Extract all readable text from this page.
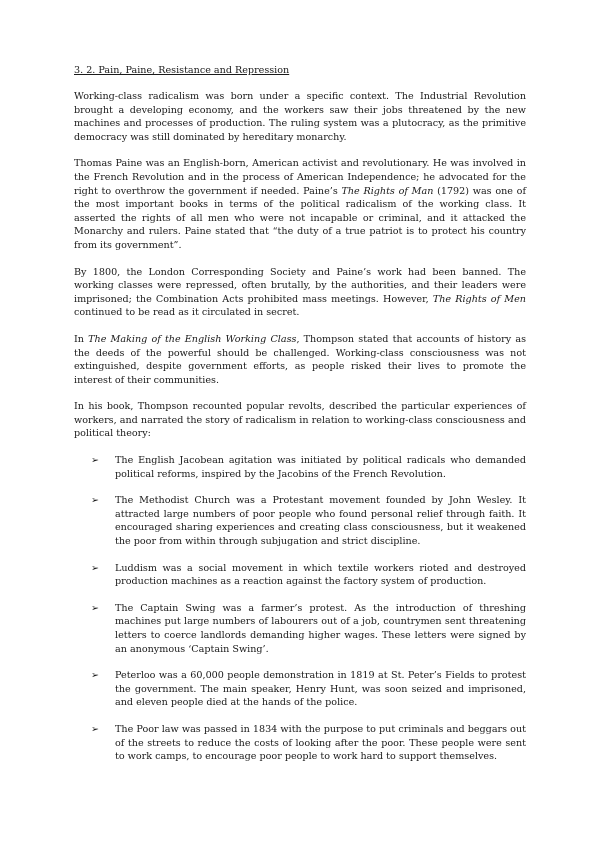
3. 2. Pain, Paine, Resistance and Repression

Working-class radicalism was born under a specific context. The Industrial Revolution brought a developing economy, and the workers saw their jobs threatened by the new machines and processes of production. The ruling system was a plutocracy, as the primitive democracy was still dominated by hereditary monarchy.

Thomas Paine was an English-born, American activist and revolutionary. He was involved in the French Revolution and in the process of American Independence; he advocated for the right to overthrow the government if needed. Paine’s The Rights of Man (1792) was one of the most important books in terms of the political radicalism of the working class. It asserted the rights of all men who were not incapable or criminal, and it attacked the Monarchy and rulers. Paine stated that “the duty of a true patriot is to protect his country from its government”.

By 1800, the London Corresponding Society and Paine’s work had been banned. The working classes were repressed, often brutally, by the authorities, and their leaders were imprisoned; the Combination Acts prohibited mass meetings. However, The Rights of Men continued to be read as it circulated in secret.

In The Making of the English Working Class, Thompson stated that accounts of history as the deeds of the powerful should be challenged. Working-class consciousness was not extinguished, despite government efforts, as people risked their lives to promote the interest of their communities.

In his book, Thompson recounted popular revolts, described the particular experiences of workers, and narrated the story of radicalism in relation to working-class consciousness and political theory:

➢	The English Jacobean agitation was initiated by political radicals who demanded political reforms, inspired by the Jacobins of the French Revolution.
➢	The Methodist Church was a Protestant movement founded by John Wesley. It attracted large numbers of poor people who found personal relief through faith. It encouraged sharing experiences and creating class consciousness, but it weakened the poor from within through subjugation and strict discipline.
➢	Luddism was a social movement in which textile workers rioted and destroyed production machines as a reaction against the factory system of production.
➢	The Captain Swing was a farmer’s protest. As the introduction of threshing machines put large numbers of labourers out of a job, countrymen sent threatening letters to coerce landlords demanding higher wages. These letters were signed by an anonymous ‘Captain Swing’.
➢	Peterloo was a 60,000 people demonstration in 1819 at St. Peter’s Fields to protest the government. The main speaker, Henry Hunt, was soon seized and imprisoned, and eleven people died at the hands of the police.
➢	The Poor law was passed in 1834 with the purpose to put criminals and beggars out of the streets to reduce the costs of looking after the poor. These people were sent to work camps, to encourage poor people to work hard to support themselves.
